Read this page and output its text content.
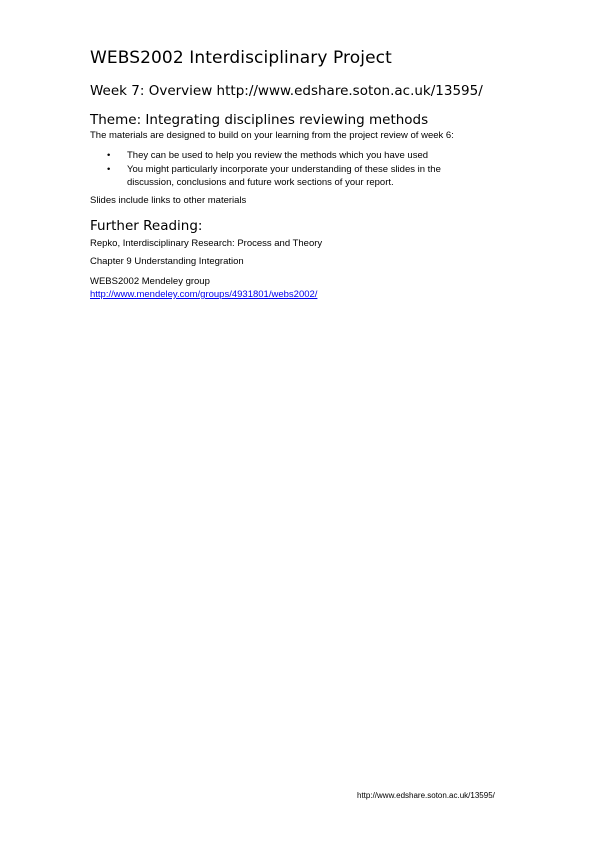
WEBS2002 Interdisciplinary Project
Week 7: Overview http://www.edshare.soton.ac.uk/13595/
Theme: Integrating disciplines reviewing methods
The materials are designed to build on your learning from the project review of week 6:
• They can be used to help you review the methods which you have used
• You might particularly incorporate your understanding of these slides in the
discussion, conclusions and future work sections of your report.
Slides include links to other materials
Further Reading:
Repko, Interdisciplinary Research: Process and Theory
Chapter 9 Understanding Integration
WEBS2002 Mendeley group
http://www.mendeley.com/groups/4931801/webs2002/
http://www.edshare.soton.ac.uk/13595/
